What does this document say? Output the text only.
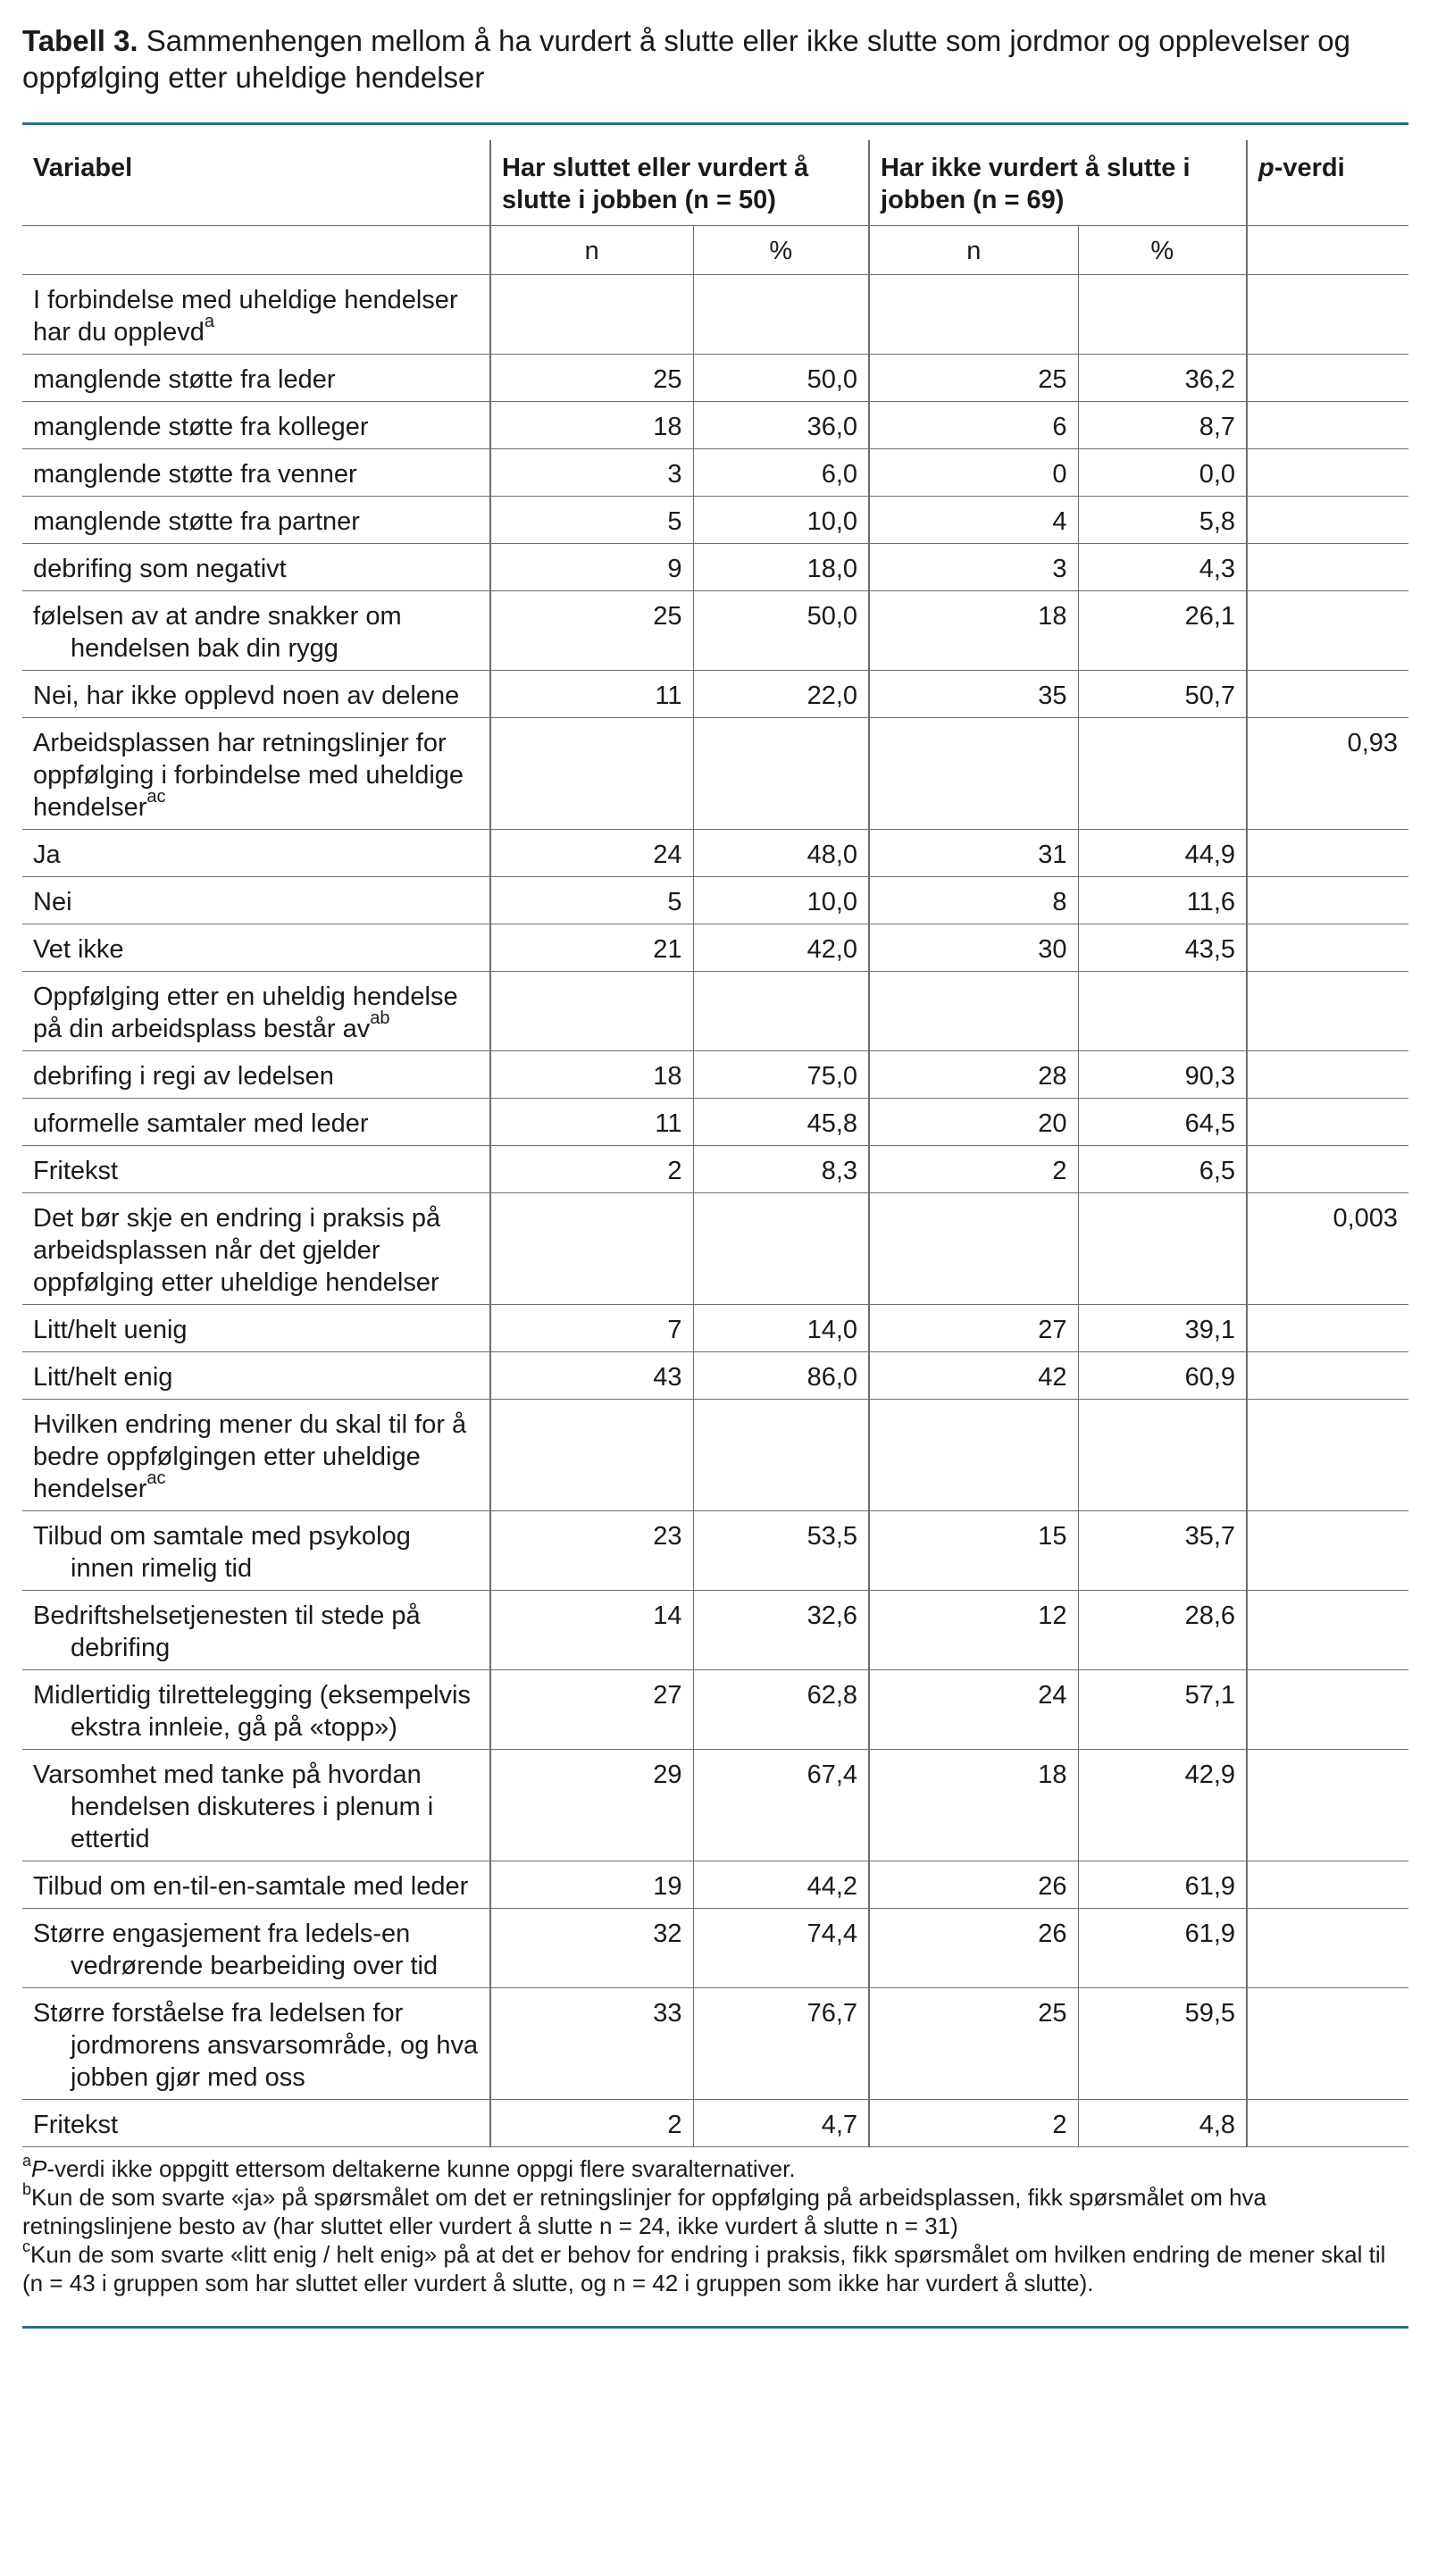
Tabell 3. Sammenhengen mellom å ha vurdert å slutte eller ikke slutte som jordmor og opplevelser og oppfølging etter uheldige hendelser

Variabel	Har sluttet eller vurdert å slutte i jobben (n = 50)		Har ikke vurdert å slutte i jobben (n = 69)		p-verdi
	n	%	n	%	
I forbindelse med uheldige hendelser har du opplevd$^a$					
manglende støtte fra leder	25	50,0	25	36,2	
manglende støtte fra kolleger	18	36,0	6	8,7	
manglende støtte fra venner	3	6,0	0	0,0	
manglende støtte fra partner	5	10,0	4	5,8	
debrifing som negativt	9	18,0	3	4,3	
følelsen av at andre snakker om hendelsen bak din rygg	25	50,0	18	26,1	
Nei, har ikke opplevd noen av delene	11	22,0	35	50,7	
Arbeidsplassen har retningslinjer for oppfølging i forbindelse med uheldige hendelser$^{ac}$					0,93
Ja	24	48,0	31	44,9	
Nei	5	10,0	8	11,6	
Vet ikke	21	42,0	30	43,5	
Oppfølging etter en uheldig hendelse på din arbeidsplass består $av^{ab}$					
debrifing i regi av ledelsen	18	75,0	28	90,3	
uformelle samtaler med leder	11	45,8	20	64,5	
Fritekst	2	8,3	2	6,5	
Det bør skje en endring i praksis på arbeidsplassen når det gjelder oppfølging etter uheldige hendelser					0,003
Litt/helt uenig	7	14,0	27	39,1	
Litt/helt enig	43	86,0	42	60,9	
Hvilken endring mener du skal til for å bedre oppfølgingen etter uheldige hendelser$^{ac}$					
Tilbud om samtale med psykolog innen rimelig tid	23	53,5	15	35,7	
Bedriftshelsetjenesten til stede på debrifing	14	32,6	12	28,6	
Midlertidig tilrettelegging (eksempelvis ekstra innleie, gå på «topp»)	27	62,8	24	57,1	
Varsomhet med tanke på hvordan hendelsen diskuteres i plenum i ettertid	29	67,4	18	42,9	
Tilbud om en-til-en-samtale med leder	19	44,2	26	61,9	
Større engasjement fra ledels-en vedrørende bearbeiding over tid	32	74,4	26	61,9	
Større forståelse fra ledelsen for jordmorens ansvarsområde, og hva jobben gjør med oss	33	76,7	25	59,5	
Fritekst	2	4,7	2	4,8	

$^a$P-verdi ikke oppgitt ettersom deltakerne kunne oppgi flere svaralternativer.

$^b$Kun de som svarte «ja» på spørsmålet om det er retningslinjer for oppfølging på arbeidsplassen, fikk spørsmålet om hva retningslinjene besto av (har sluttet eller vurdert å slutte n = 24, ikke vurdert å slutte n = 31)

$^c$Kun de som svarte «litt enig / helt enig» på at det er behov for endring i praksis, fikk spørsmålet om hvilken endring de mener skal til (n = 43 i gruppen som har sluttet eller vurdert å slutte, og n = 42 i gruppen som ikke har vurdert å slutte).
